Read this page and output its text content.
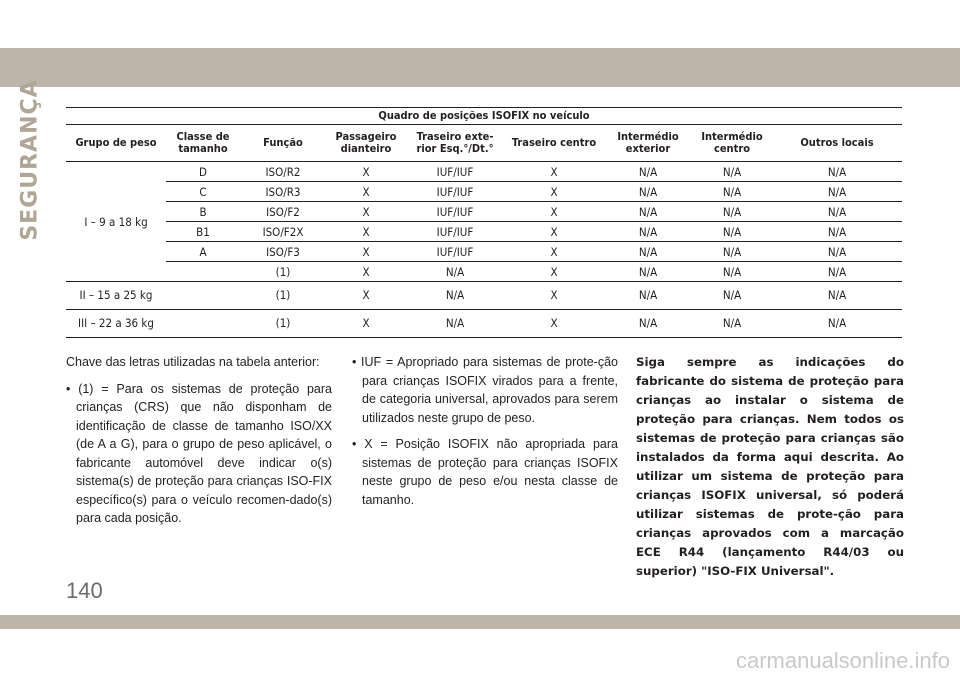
SEGURANÇA	Quadro de posições ISOFIX no veículo								
Grupo de peso	Classe de tamanho	Função	Passageiro dianteiro	Traseiro exte- rior Esq.°/Dt.°	Traseiro centro	Intermédio exterior	Intermédio centro	Outros locais
I – 9 a 18 kg	D	ISO/R2	X	IUF/IUF	X	N/A	N/A	N/A
	C	ISO/R3	X	IUF/IUF	X	N/A	N/A	N/A
	B	ISO/F2	X	IUF/IUF	X	N/A	N/A	N/A
	B1	ISO/F2X	X	IUF/IUF	X	N/A	N/A	N/A
	A	ISO/F3	X	IUF/IUF	X	N/A	N/A	N/A
		(1)	X	N/A	X	N/A	N/A	N/A
II – 15 a 25 kg		(1)	X	N/A	X	N/A	N/A	N/A
III – 22 a 36 kg		(1)	X	N/A	X	N/A	N/A	N/A

Chave das letras utilizadas na tabela anterior:

• (1) = Para os sistemas de proteção para crianças (CRS) que não disponham de identificação de classe de tamanho ISO/XX (de A a G), para o grupo de peso aplicável, o fabricante automóvel deve indicar o(s) sistema(s) de proteção para crianças ISO-FIX específico(s) para o veículo recomen-dado(s) para cada posição.

• IUF = Apropriado para sistemas de prote-ção para crianças ISOFIX virados para a frente, de categoria universal, aprovados para serem utilizados neste grupo de peso.

• X = Posição ISOFIX não apropriada para sistemas de proteção para crianças ISOFIX neste grupo de peso e/ou nesta classe de tamanho.

Siga sempre as indicações do fabricante do sistema de proteção para crianças ao instalar o sistema de proteção para crianças. Nem todos os sistemas de proteção para crianças são instalados da forma aqui descrita. Ao utilizar um sistema de proteção para crianças ISOFIX universal, só poderá utilizar sistemas de prote-ção para crianças aprovados com a marcação ECE R44 (lançamento R44/03 ou superior) "ISO-FIX Universal".
140
carmanualsonline.info
